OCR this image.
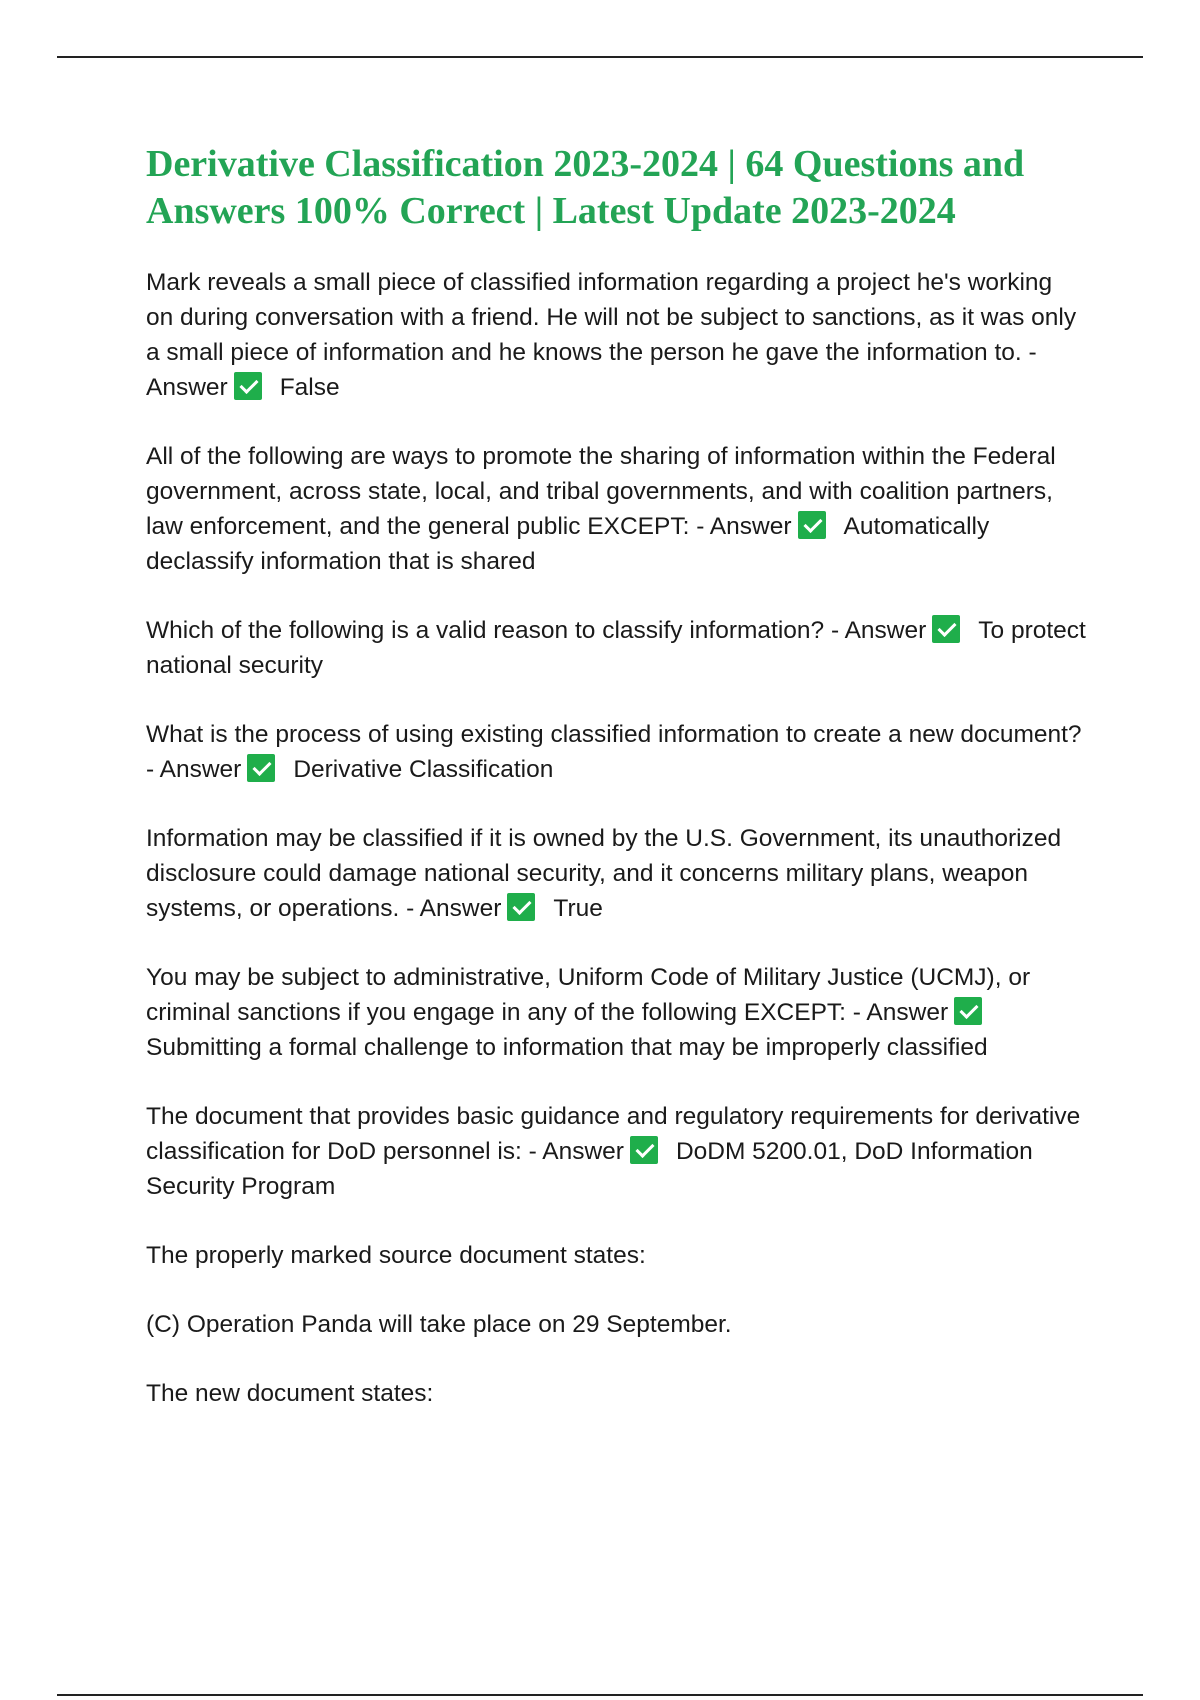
Derivative Classification 2023-2024 | 64 Questions and Answers 100% Correct | Latest Update 2023-2024

Mark reveals a small piece of classified information regarding a project he's working on during conversation with a friend. He will not be subject to sanctions, as it was only a small piece of information and he knows the person he gave the information to. - Answer False

All of the following are ways to promote the sharing of information within the Federal government, across state, local, and tribal governments, and with coalition partners, law enforcement, and the general public EXCEPT: - Answer Automatically declassify information that is shared

Which of the following is a valid reason to classify information? - Answer To protect national security

What is the process of using existing classified information to create a new document? - Answer Derivative Classification

Information may be classified if it is owned by the U.S. Government, its unauthorized disclosure could damage national security, and it concerns military plans, weapon systems, or operations. - Answer True

You may be subject to administrative, Uniform Code of Military Justice (UCMJ), or criminal sanctions if you engage in any of the following EXCEPT: - AnswerSubmitting a formal challenge to information that may be improperly classified

The document that provides basic guidance and regulatory requirements for derivative classification for DoD personnel is: - Answer DoDM 5200.01, DoD Information Security Program

The properly marked source document states:

(C) Operation Panda will take place on 29 September.

The new document states:
